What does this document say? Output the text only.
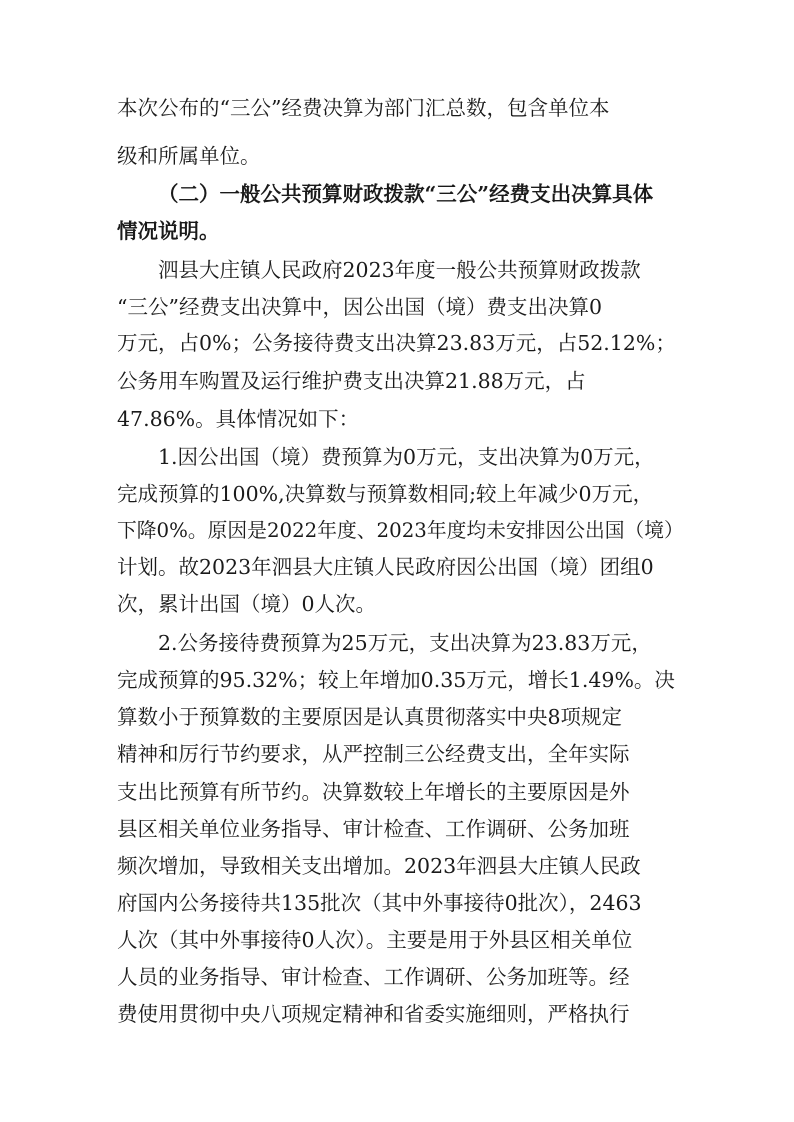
本次公布的“三公”经费决算为部门汇总数，包含单位本

级和所属单位。

（二）一般公共预算财政拨款“三公”经费支出决算具体

情况说明。

泗县大庄镇人民政府2023年度一般公共预算财政拨款

“三公”经费支出决算中，因公出国（境）费支出决算0

万元，占0%；公务接待费支出决算23.83万元，占52.12%；

公务用车购置及运行维护费支出决算21.88万元，占

47.86%。具体情况如下：

1.因公出国（境）费预算为0万元，支出决算为0万元，

完成预算的100%,决算数与预算数相同;较上年减少0万元，

下降0%。原因是2022年度、2023年度均未安排因公出国（境）

计划。故2023年泗县大庄镇人民政府因公出国（境）团组0

次，累计出国（境）0人次。

2.公务接待费预算为25万元，支出决算为23.83万元，

完成预算的95.32%；较上年增加0.35万元，增长1.49%。决

算数小于预算数的主要原因是认真贯彻落实中央8项规定

精神和厉行节约要求，从严控制三公经费支出，全年实际

支出比预算有所节约。决算数较上年增长的主要原因是外

县区相关单位业务指导、审计检查、工作调研、公务加班

频次增加，导致相关支出增加。2023年泗县大庄镇人民政

府国内公务接待共135批次（其中外事接待0批次），2463

人次（其中外事接待0人次）。主要是用于外县区相关单位

人员的业务指导、审计检查、工作调研、公务加班等。经

费使用贯彻中央八项规定精神和省委实施细则，严格执行
